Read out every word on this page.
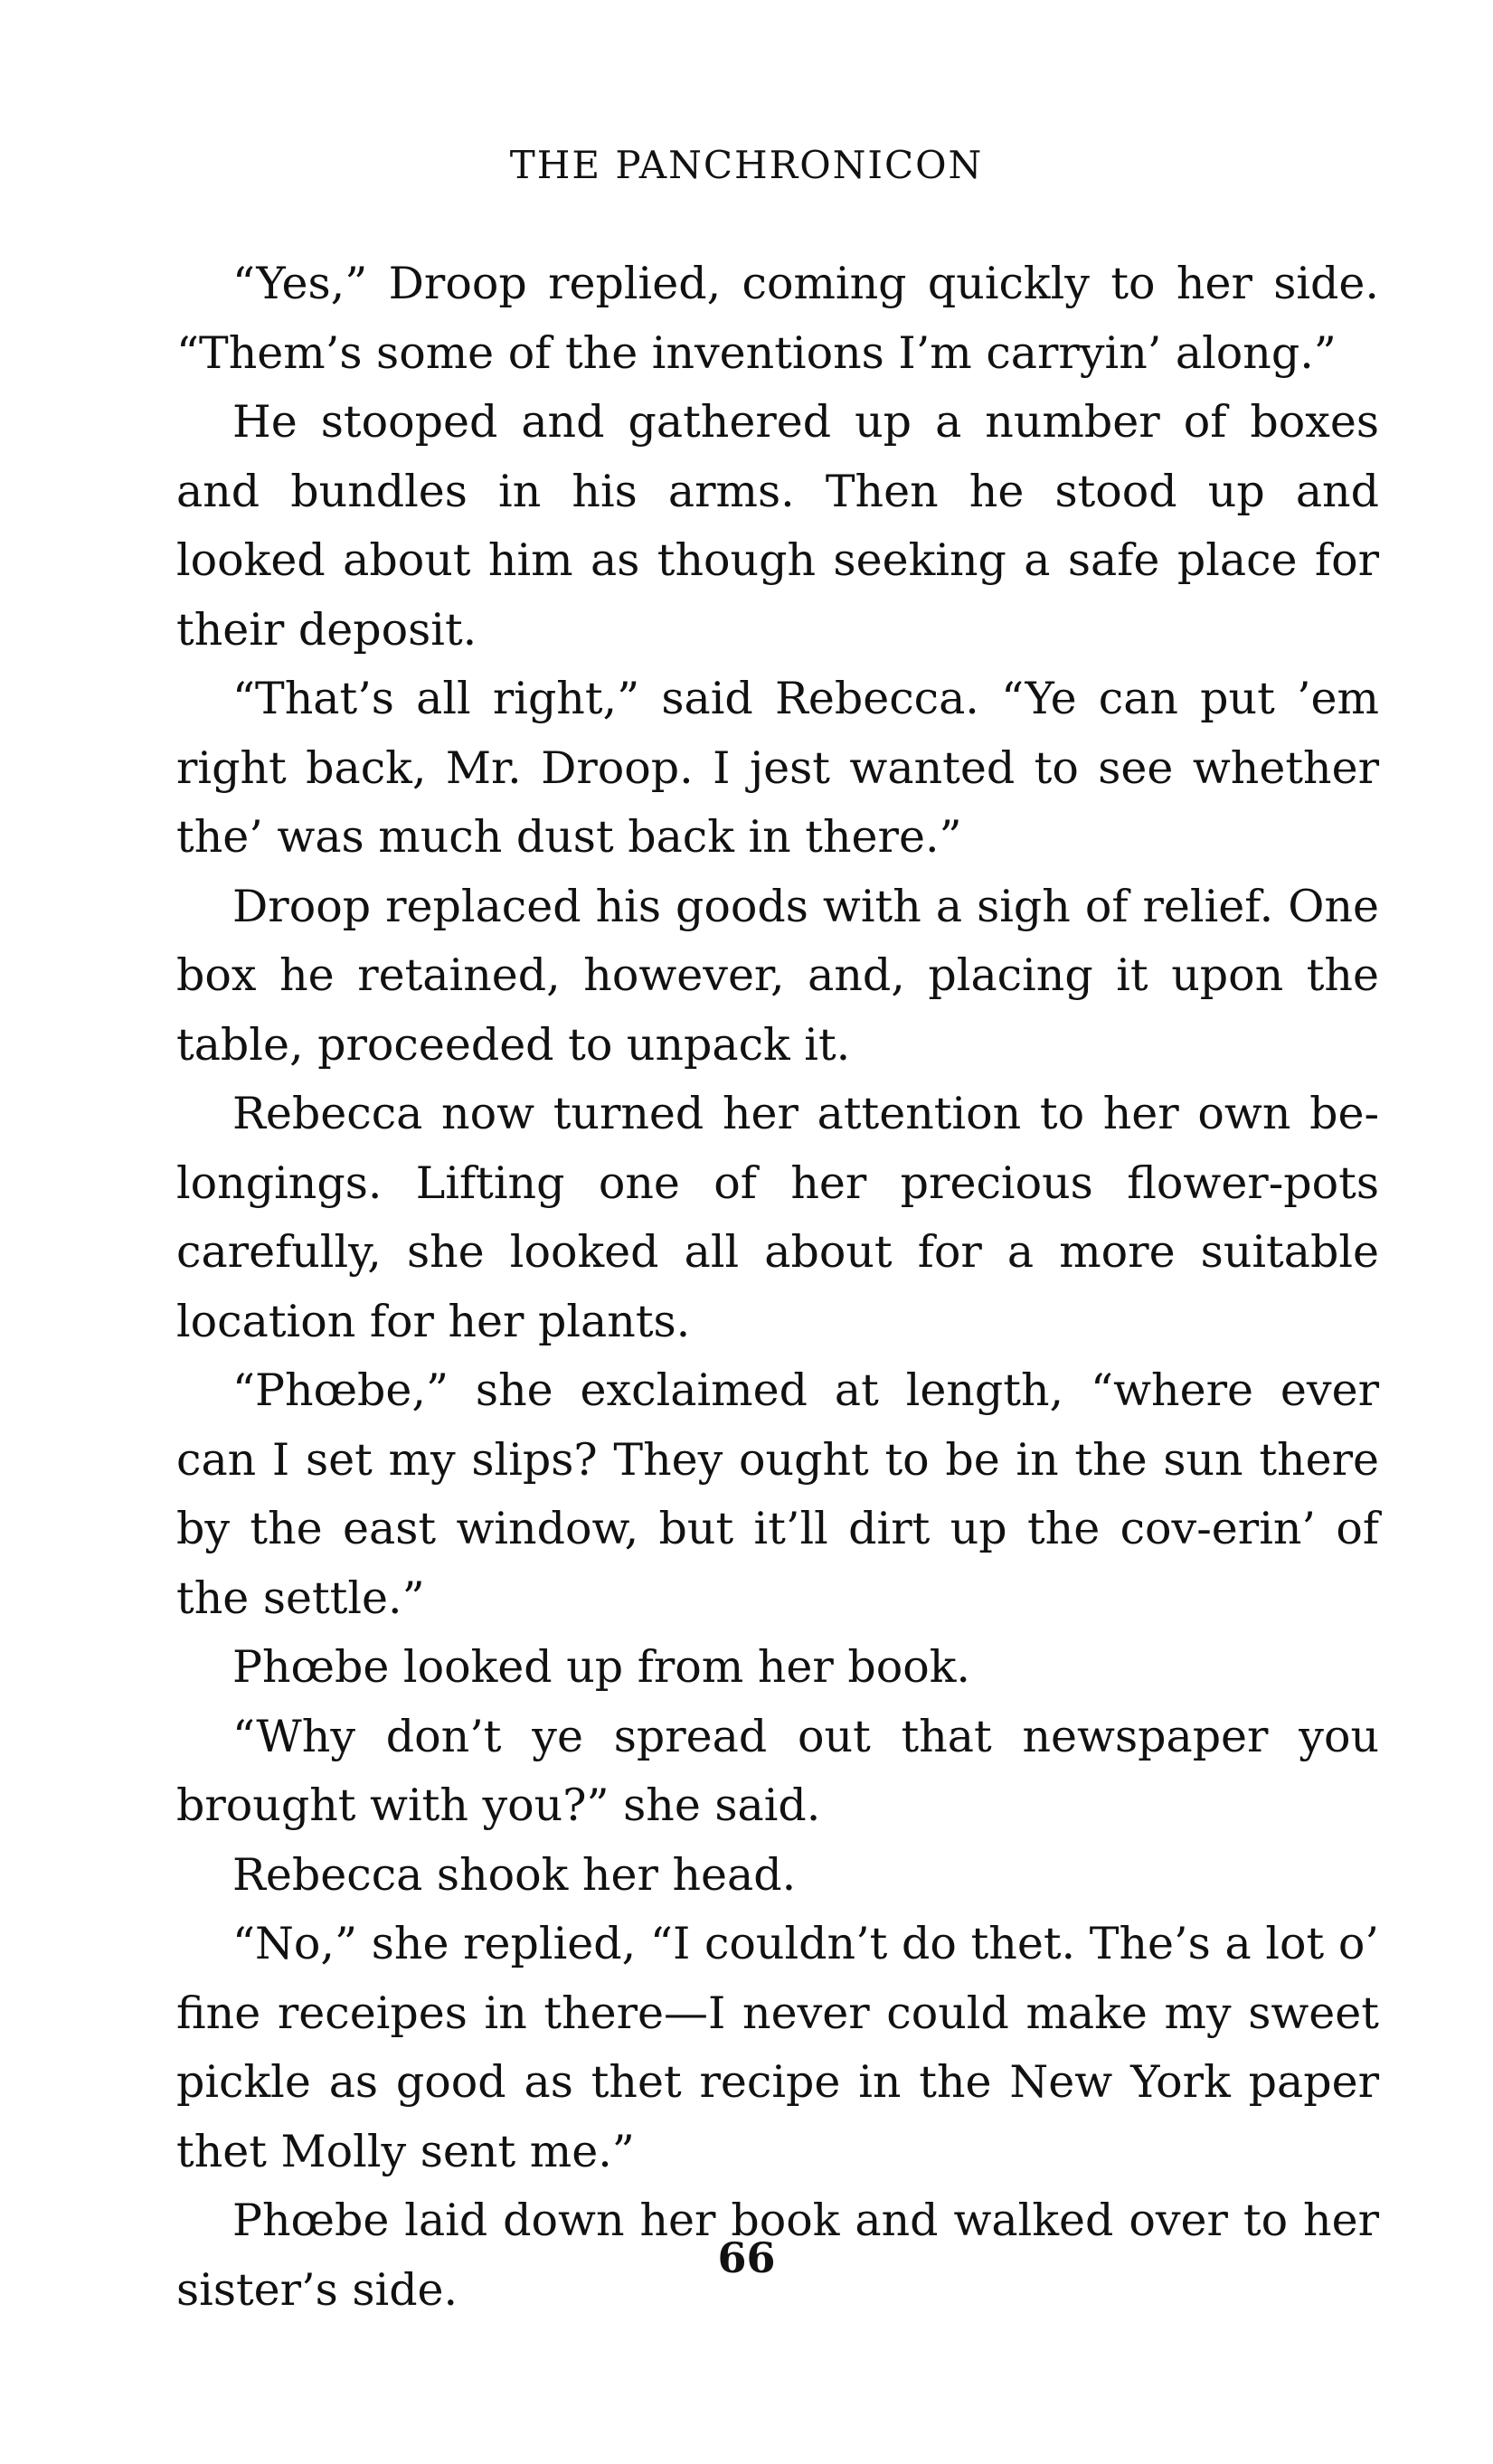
THE PANCHRONICON

“Yes,” Droop replied, coming quickly to her side. “Them’s some of the inventions I’m carryin’ along.”

He stooped and gathered up a number of boxes and bundles in his arms. Then he stood up and looked about him as though seeking a safe place for their deposit.

“That’s all right,” said Rebecca. “Ye can put ’em right back, Mr. Droop. I jest wanted to see whether the’ was much dust back in there.”

Droop replaced his goods with a sigh of relief. One box he retained, however, and, placing it upon the table, proceeded to unpack it.

Rebecca now turned her attention to her own be-longings. Lifting one of her precious flower-pots carefully, she looked all about for a more suitable location for her plants.

“Phœbe,” she exclaimed at length, “where ever can I set my slips? They ought to be in the sun there by the east window, but it’ll dirt up the cov-erin’ of the settle.”

Phœbe looked up from her book.

“Why don’t ye spread out that newspaper you brought with you?” she said.

Rebecca shook her head.

“No,” she replied, “I couldn’t do thet. The’s a lot o’ fine receipes in there—I never could make my sweet pickle as good as thet recipe in the New York paper thet Molly sent me.”

Phœbe laid down her book and walked over to her sister’s side.

66
